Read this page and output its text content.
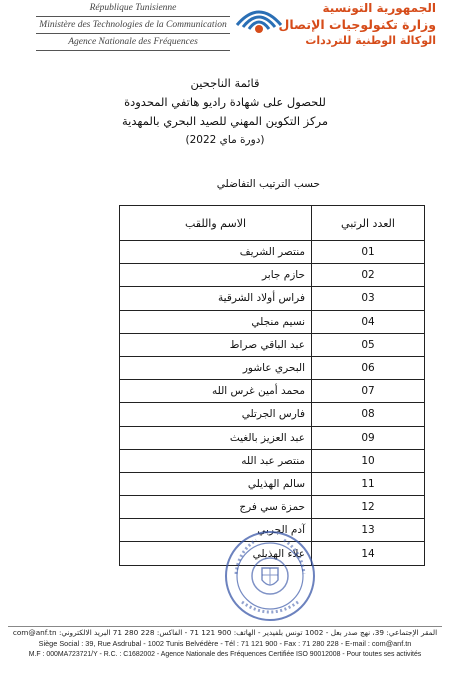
République Tunisienne
Ministère des Technologies de la Communication
Agence Nationale des Fréquences
الجمهورية التونسية
وزارة تكنولوجيات الإتصال
الوكالة الوطنية للترددات
قائمة الناجحين
للحصول على شهادة راديو هاتفي المحدودة
مركز التكوين المهني للصيد البحري بالمهدية
(دورة ماي 2022)
حسب الترتيب التفاضلي
العدد الرتبي	الاسم واللقب
01	منتصر الشريف
02	حازم جابر
03	فراس أولاد الشرقية
04	نسيم منجلي
05	عبد الباقي صراط
06	البحري عاشور
07	محمد أمين غرس الله
08	فارس الجرتلي
09	عبد العزيز بالغيث
10	منتصر عبد الله
11	سالم الهذيلي
12	حمزة سي فرج
13	آدم الجربي
14	علاء الهذيلي
المقر الإجتماعي: 39، نهج صدر بعل - 1002 تونس بلفيدير - الهاتف: 900 121 71 - الفاكس: 228 280 71 البريد الالكتروني: com@anf.tn
Siège Social : 39, Rue Asdrubal - 1002 Tunis Belvédère - Tél : 71 121 900 - Fax : 71 280 228 - E-mail : com@anf.tn
M.F : 000MA723721/Y - R.C. : C1682002 - Agence Nationale des Fréquences Certifiée ISO 90012008 - Pour toutes ses activités
